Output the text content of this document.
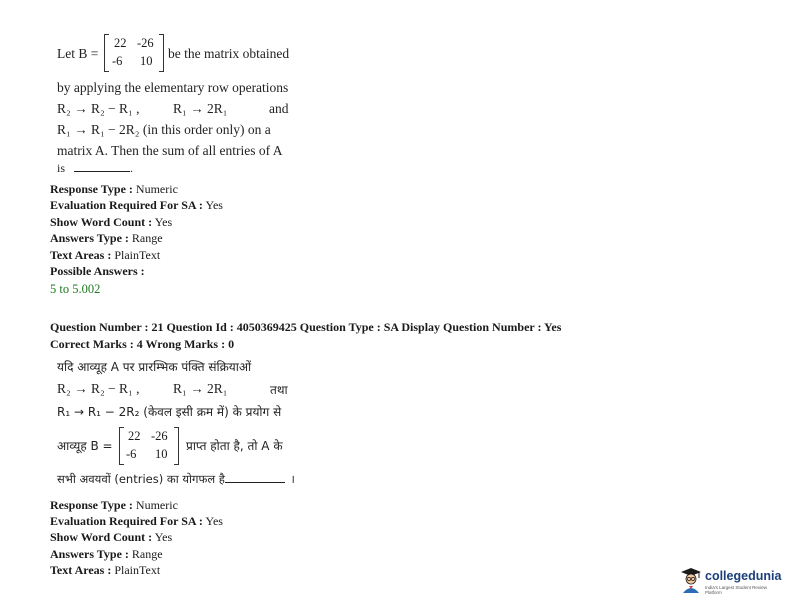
Let B =
22 -26
-6 10 be the matrix obtained
by applying the elementary row operations
R₂ → R₂ − R₁ , R₁ → 2R₁	and
R₁ → R₁ − 2R₂ (in this order only) on a
matrix A. Then the sum of all entries of A
is	.
Response Type : Numeric
Evaluation Required For SA : Yes
Show Word Count : Yes
Answers Type : Range
Text Areas : PlainText
Possible Answers :
5 to 5.002
Question Number : 21 Question Id : 4050369425 Question Type : SA Display Question Number : Yes
Correct Marks : 4 Wrong Marks : 0
यदि आव्यूह A पर प्रारम्भिक पंक्ति संक्रियाओं
R₂ → R₂ − R₁ , R₁ → 2R₁	तथा
R₁ → R₁ − 2R₂ (केवल इसी क्रम में) के प्रयोग से
आव्यूह B =
22 -26
-6 10
प्राप्त होता है, तो A के
सभी अवयवों (entries) का योगफल है	।
Response Type : Numeric
Evaluation Required For SA : Yes
Show Word Count : Yes
Answers Type : Range
Text Areas : PlainText	collegedunia
India's Largest Student Review Platform
